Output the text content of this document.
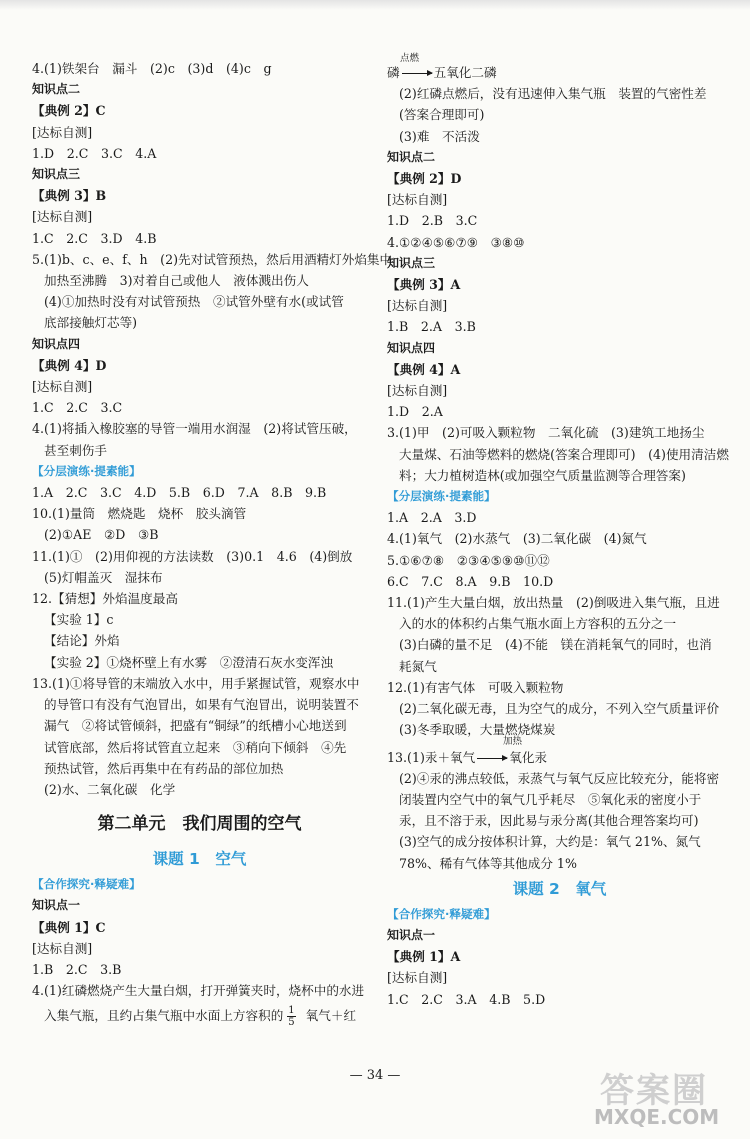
4.(1)铁架台　漏斗　(2)c　(3)d　(4)c　g
知识点二
【典例 2】C
[达标自测]
1.D　2.C　3.C　4.A
知识点三
【典例 3】B
[达标自测]
1.C　2.C　3.D　4.B
5.(1)b、c、e、f、h　(2)先对试管预热，然后用酒精灯外焰集中
加热至沸腾　3)对着自己或他人　液体溅出伤人
(4)①加热时没有对试管预热　②试管外壁有水(或试管
底部接触灯芯等)
知识点四
【典例 4】D
[达标自测]
1.C　2.C　3.C
4.(1)将插入橡胶塞的导管一端用水润湿　(2)将试管压破，
甚至刺伤手
【分层演练·提素能】
1.A　2.C　3.C　4.D　5.B　6.D　7.A　8.B　9.B
10.(1)量筒　燃烧匙　烧杯　胶头滴管
(2)①AE　②D　③B
11.(1)①　(2)用仰视的方法读数　(3)0.1　4.6　(4)倒放
(5)灯帽盖灭　湿抹布
12.【猜想】外焰温度最高
【实验 1】c
【结论】外焰
【实验 2】①烧杯壁上有水雾　②澄清石灰水变浑浊
13.(1)①将导管的末端放入水中，用手紧握试管，观察水中
的导管口有没有气泡冒出，如果有气泡冒出，说明装置不
漏气　②将试管倾斜，把盛有“铜绿”的纸槽小心地送到
试管底部，然后将试管直立起来　③稍向下倾斜　④先
预热试管，然后再集中在有药品的部位加热
(2)水、二氧化碳　化学
第二单元　我们周围的空气
课题 1　空气
【合作探究·释疑难】
知识点一
【典例 1】C
[达标自测]
1.B　2.C　3.B
4.(1)红磷燃烧产生大量白烟，打开弹簧夹时，烧杯中的水进
入集气瓶，且约占集气瓶中水面上方容积的 $\frac{1}{5}$ 氧气＋红
磷 →
点燃
五氧化二磷
(2)红磷点燃后，没有迅速伸入集气瓶　装置的气密性差
(答案合理即可)
(3)难　不活泼
知识点二
【典例 2】D
[达标自测]
1.D　2.B　3.C
4.①②④⑤⑥⑦⑨　③⑧⑩
知识点三
【典例 3】A
[达标自测]
1.B　2.A　3.B
知识点四
【典例 4】A
[达标自测]
1.D　2.A
3.(1)甲　(2)可吸入颗粒物　二氧化硫　(3)建筑工地扬尘
大量煤、石油等燃料的燃烧(答案合理即可)　(4)使用清洁燃
料；大力植树造林(或加强空气质量监测等合理答案)
【分层演练·提素能】
1.A　2.A　3.D
4.(1)氧气　(2)水蒸气　(3)二氧化碳　(4)氮气
5.①⑥⑦⑧　②③④⑤⑨⑩⑪⑫
6.C　7.C　8.A　9.B　10.D
11.(1)产生大量白烟，放出热量　(2)倒吸进入集气瓶，且进
入的水的体积约占集气瓶水面上方容积的五分之一
(3)白磷的量不足　(4)不能　镁在消耗氧气的同时，也消
耗氮气
12.(1)有害气体　可吸入颗粒物
(2)二氧化碳无毒，且为空气的成分，不列入空气质量评价
(3)冬季取暖，大量燃烧煤炭
13.(1)汞＋氧气 →
加热
氧化汞
(2)④汞的沸点较低，汞蒸气与氧气反应比较充分，能将密
闭装置内空气中的氧气几乎耗尽　⑤氧化汞的密度小于
汞，且不溶于汞，因此易与汞分离(其他合理答案均可)
(3)空气的成分按体积计算，大约是：氧气 21%、氮气
78%、稀有气体等其他成分 1%
课题 2　氧气
【合作探究·释疑难】
知识点一
【典例 1】A
[达标自测]
1.C　2.C　3.A　4.B　5.D
— 34 —	答案圈
MXQE.COM
